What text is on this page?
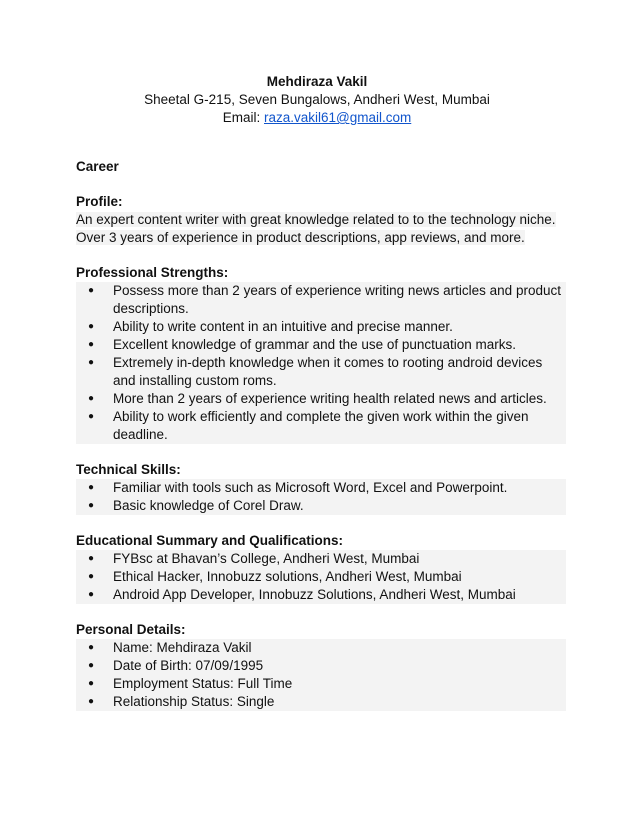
Mehdiraza Vakil
Sheetal G-215, Seven Bungalows, Andheri West, Mumbai
Email: raza.vakil61@gmail.com
Career
Profile:

An expert content writer with great knowledge related to to the technology niche.

Over 3 years of experience in product descriptions, app reviews, and more.

Professional Strengths:
● Possess more than 2 years of experience writing news articles and product descriptions.
● Ability to write content in an intuitive and precise manner.
● Excellent knowledge of grammar and the use of punctuation marks.
● Extremely in-depth knowledge when it comes to rooting android devices and installing custom roms.
● More than 2 years of experience writing health related news and articles.
● Ability to work efficiently and complete the given work within the given deadline.
Technical Skills:
● Familiar with tools such as Microsoft Word, Excel and Powerpoint.
● Basic knowledge of Corel Draw.
Educational Summary and Qualifications:
● FYBsc at Bhavan’s College, Andheri West, Mumbai
● Ethical Hacker, Innobuzz solutions, Andheri West, Mumbai
● Android App Developer, Innobuzz Solutions, Andheri West, Mumbai
Personal Details:
● Name: Mehdiraza Vakil
● Date of Birth: 07/09/1995
● Employment Status: Full Time
● Relationship Status: Single
